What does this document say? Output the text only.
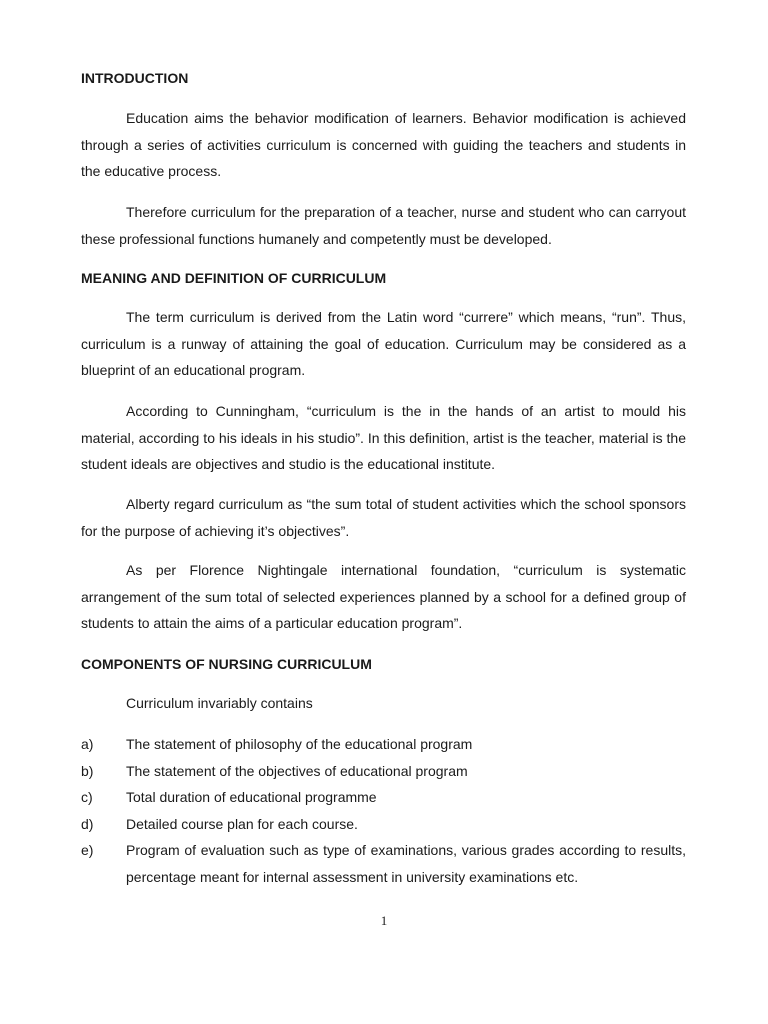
INTRODUCTION

Education aims the behavior modification of learners. Behavior modification is achieved through a series of activities curriculum is concerned with guiding the teachers and students in the educative process.

Therefore curriculum for the preparation of a teacher, nurse and student who can carryout these professional functions humanely and competently must be developed.

MEANING AND DEFINITION OF CURRICULUM

The term curriculum is derived from the Latin word “currere” which means, “run”. Thus, curriculum is a runway of attaining the goal of education. Curriculum may be considered as a blueprint of an educational program.

According to Cunningham, “curriculum is the in the hands of an artist to mould his material, according to his ideals in his studio”. In this definition, artist is the teacher, material is the student ideals are objectives and studio is the educational institute.

Alberty regard curriculum as “the sum total of student activities which the school sponsors for the purpose of achieving it’s objectives”.

As per Florence Nightingale international foundation, “curriculum is systematic arrangement of the sum total of selected experiences planned by a school for a defined group of students to attain the aims of a particular education program”.

COMPONENTS OF NURSING CURRICULUM

Curriculum invariably contains

a)	The statement of philosophy of the educational program
b)	The statement of the objectives of educational program
c)	Total duration of educational programme
d)	Detailed course plan for each course.
e)	Program of evaluation such as type of examinations, various grades according to results, percentage meant for internal assessment in university examinations etc.
1
